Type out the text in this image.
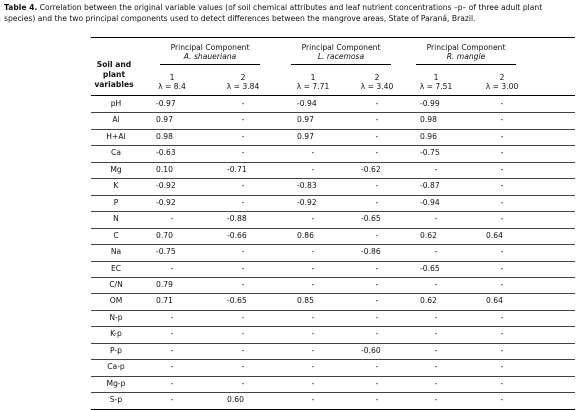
Table 4. Correlation between the original variable values (of soil chemical attributes and leaf nutrient concentrations –p– of three adult plant species) and the two principal components used to detect differences between the mangrove areas, State of Paraná, Brazil.
Soil and plant variables
Principal Component
A. shaueriana
1
λ = 8.4
2
λ = 3.84
Principal Component
L. racemosa
1
λ = 7.71
2
λ = 3.40
Principal Component
R. mangle
1
λ = 7.51
2
λ = 3.00
pH	-0.97	-	-0.94	-	-0.99	-
Al	0.97	-	0.97	-	0.98	-
H+Al	0.98	-	0.97	-	0.96	-
Ca	-0.63	-	-	-	-0.75	-
Mg	0.10	-0.71	-	-0.62	-	-
K	-0.92	-	-0.83	-	-0.87	-
P	-0.92	-	-0.92	-	-0.94	-
N	-	-0.88	-	-0.65	-	-
C	0.70	-0.66	0.86	-	0.62	0.64
Na	-0.75	-	-	-0.86	-	-
EC	-	-	-	-	-0.65	-
C/N	0.79	-	-	-	-	-
OM	0.71	-0.65	0.85	-	0.62	0.64
N-p	-	-	-	-	-	-
K-p	-	-	-	-	-	-
P-p	-	-	-	-0.60	-	-
Ca-p	-	-	-	-	-	-
Mg-p	-	-	-	-	-	-
S-p	-	0.60	-	-	-	-
